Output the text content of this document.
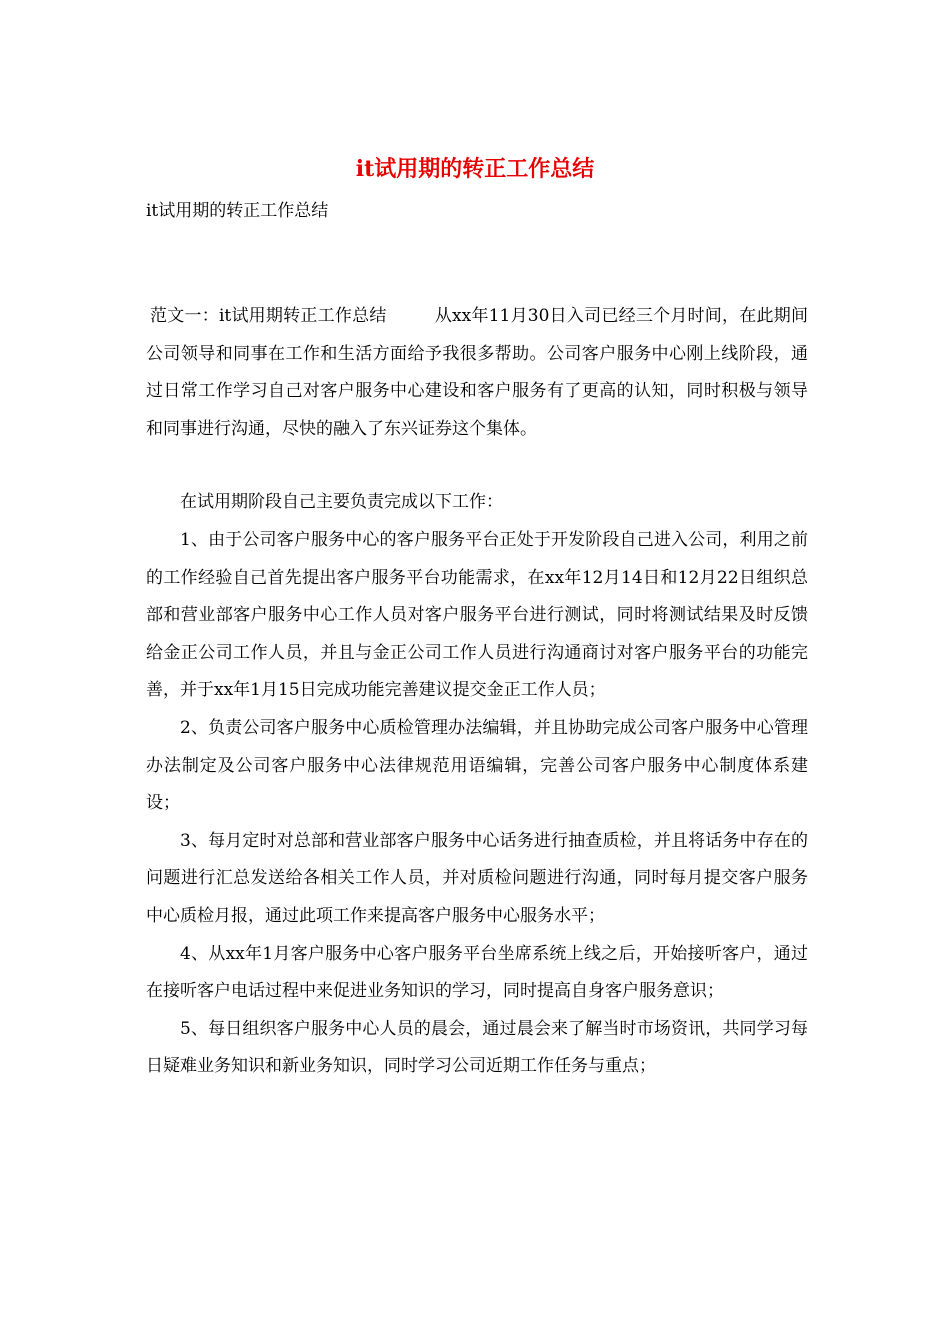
it试用期的转正工作总结

it试用期的转正工作总结

范文一：it试用期转正工作总结	从xx年11月30日入司已经三个月时间，在此期间公司领导和同事在工作和生活方面给予我很多帮助。公司客户服务中心刚上线阶段，通过日常工作学习自己对客户服务中心建设和客户服务有了更高的认知，同时积极与领导和同事进行沟通，尽快的融入了东兴证券这个集体。

在试用期阶段自己主要负责完成以下工作：

1、由于公司客户服务中心的客户服务平台正处于开发阶段自己进入公司，利用之前的工作经验自己首先提出客户服务平台功能需求，在xx年12月14日和12月22日组织总部和营业部客户服务中心工作人员对客户服务平台进行测试，同时将测试结果及时反馈给金正公司工作人员，并且与金正公司工作人员进行沟通商讨对客户服务平台的功能完善，并于xx年1月15日完成功能完善建议提交金正工作人员；

2、负责公司客户服务中心质检管理办法编辑，并且协助完成公司客户服务中心管理办法制定及公司客户服务中心法律规范用语编辑，完善公司客户服务中心制度体系建设；

3、每月定时对总部和营业部客户服务中心话务进行抽查质检，并且将话务中存在的问题进行汇总发送给各相关工作人员，并对质检问题进行沟通，同时每月提交客户服务中心质检月报，通过此项工作来提高客户服务中心服务水平；

4、从xx年1月客户服务中心客户服务平台坐席系统上线之后，开始接听客户，通过在接听客户电话过程中来促进业务知识的学习，同时提高自身客户服务意识；

5、每日组织客户服务中心人员的晨会，通过晨会来了解当时市场资讯，共同学习每日疑难业务知识和新业务知识，同时学习公司近期工作任务与重点；
